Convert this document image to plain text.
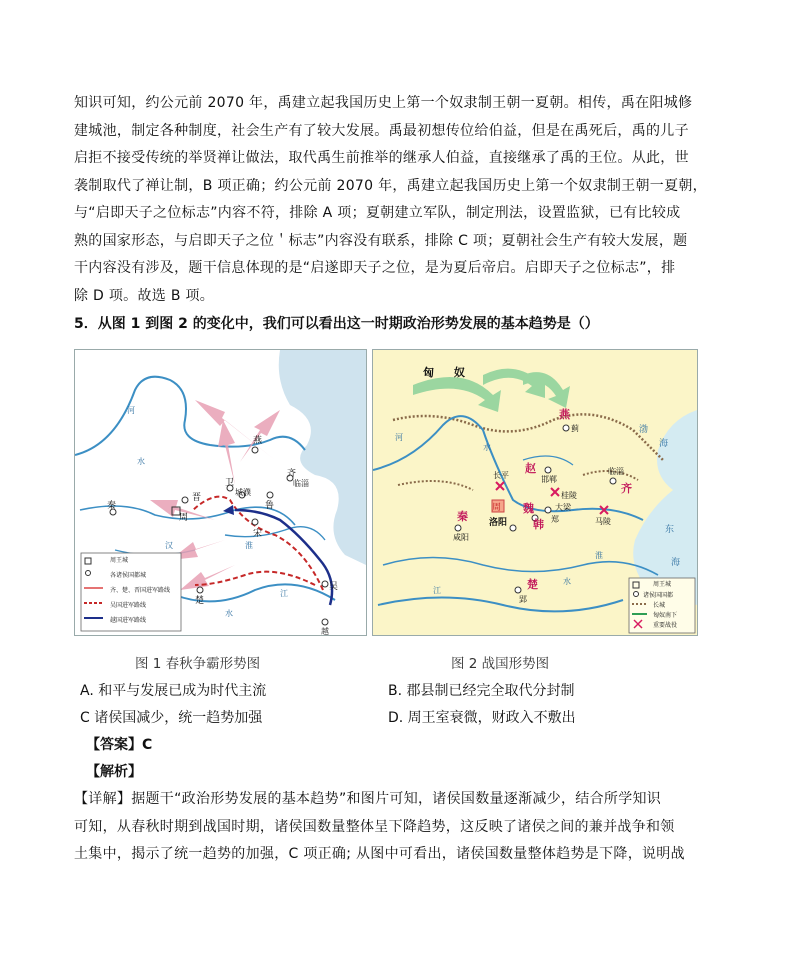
知识可知，约公元前 2070 年，禹建立起我国历史上第一个奴隶制王朝一夏朝。相传，禹在阳城修
建城池，制定各种制度，社会生产有了较大发展。禹最初想传位给伯益，但是在禹死后，禹的儿子
启拒不接受传统的举贤禅让做法，取代禹生前推举的继承人伯益，直接继承了禹的王位。从此，世
袭制取代了禅让制，B 项正确；约公元前 2070 年，禹建立起我国历史上第一个奴隶制王朝一夏朝，
与“启即天子之位标志”内容不符，排除 A 项；夏朝建立军队，制定刑法，设置监狱，已有比较成
熟的国家形态，与启即天子之位＇标志”内容没有联系，排除 C 项；夏朝社会生产有较大发展，题
干内容没有涉及，题干信息体现的是“启遂即天子之位，是为夏后帝启。启即天子之位标志”，排
除 D 项。故选 B 项。
5．从图 1 到图 2 的变化中，我们可以看出这一时期政治形势发展的基本趋势是（）
燕
齐
临淄
晋
卫
城濮
鲁
秦
周
宋
楚
吴
越
河
水
淮
汉
江
水
周王城
各诸侯国都城
齐、楚、晋国进军路线
吴国进军路线
越国进军路线
匈 奴
燕
蓟
赵
邯郸
长平	临淄
齐
魏	大梁
桂陵
马陵
秦
咸阳
洛阳
周
韩 郑
楚
郢
河
水
淮
水
江
渤
海
东
海
周王城
诸侯国国都
长城
匈奴南下
重要战役
图 1 春秋争霸形势图	图 2 战国形势图
A. 和平与发展已成为时代主流	B. 郡县制已经完全取代分封制
C 诸侯国减少，统一趋势加强	D. 周王室衰微，财政入不敷出
【答案】C
【解析】
【详解】据题干“政治形势发展的基本趋势”和图片可知，诸侯国数量逐渐减少，结合所学知识
可知，从春秋时期到战国时期，诸侯国数量整体呈下降趋势，这反映了诸侯之间的兼并战争和领
土集中，揭示了统一趋势的加强，C 项正确; 从图中可看出，诸侯国数量整体趋势是下降，说明战
